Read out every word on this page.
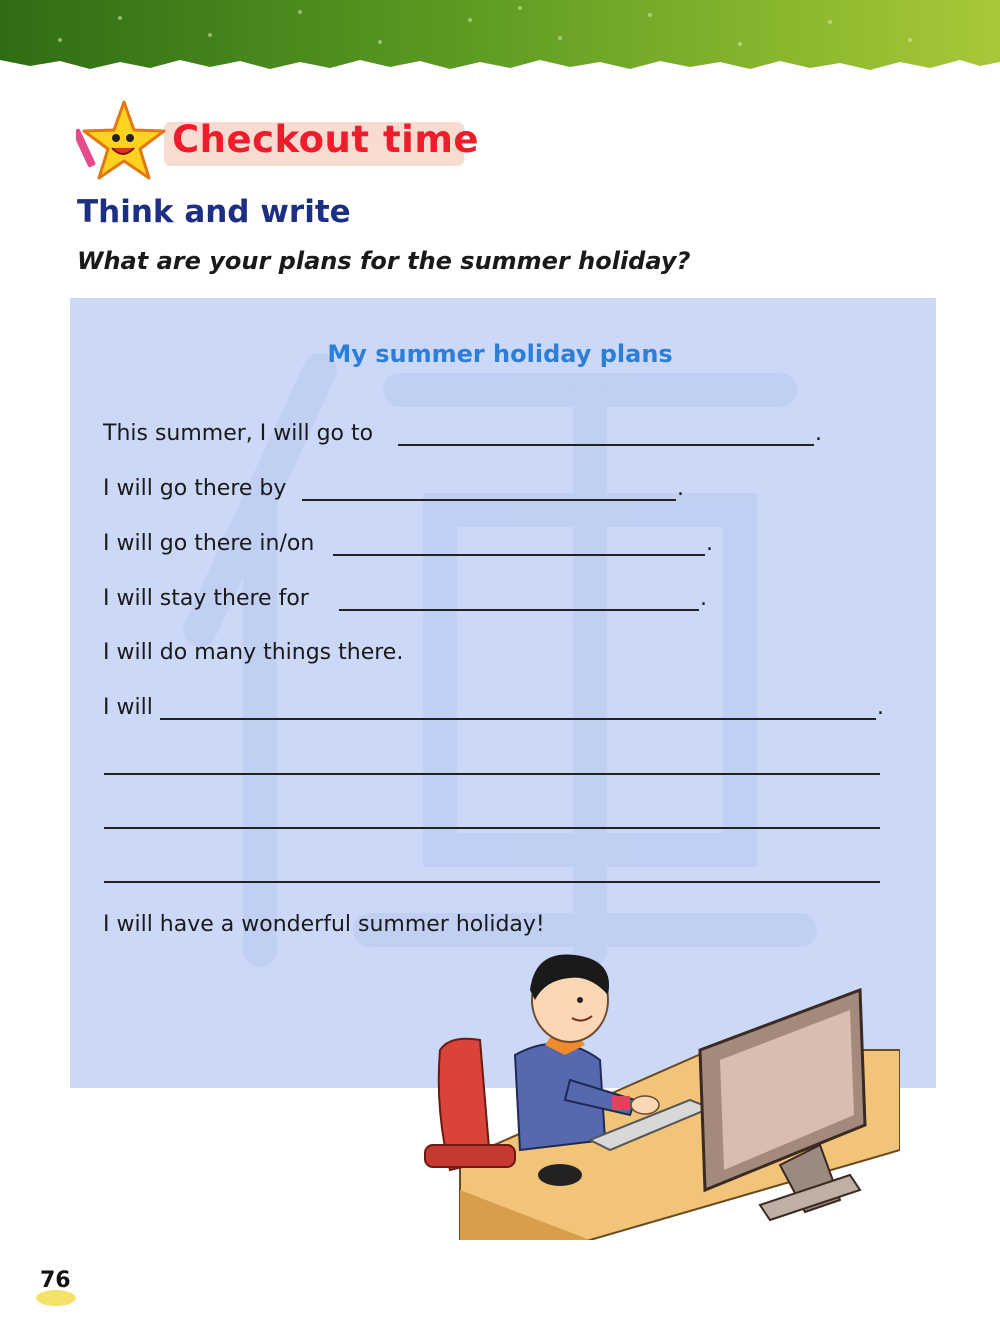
Checkout time
Think and write

What are your plans for the summer holiday?

My summer holiday plans
This summer, I will go to	.
I will go there by	.
I will go there in/on	.
I will stay there for	.
I will do many things there.
I will	.
I will have a wonderful summer holiday!
76
